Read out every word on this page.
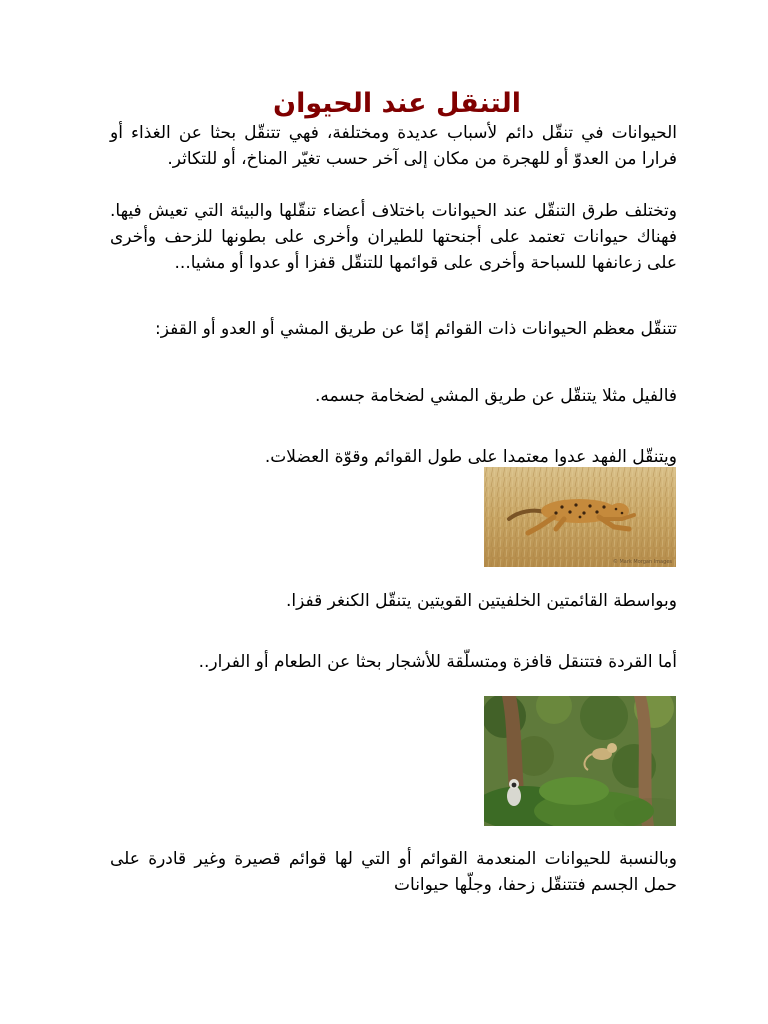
التنقل عند الحيوان

الحيوانات في تنقّل دائم لأسباب عديدة ومختلفة، فهي تتنقّل بحثا عن الغذاء أو فرارا من العدوّ أو للهجرة من مكان إلى آخر حسب تغيّر المناخ، أو للتكاثر.

وتختلف طرق التنقّل عند الحيوانات باختلاف أعضاء تنقّلها والبيئة التي تعيش فيها. فهناك حيوانات تعتمد على أجنحتها للطيران وأخرى على بطونها للزحف وأخرى على زعانفها للسباحة وأخرى على قوائمها للتنقّل قفزا أو عدوا أو مشيا...

تتنقّل معظم الحيوانات ذات القوائم إمّا عن طريق المشي أو العدو أو القفز:

فالفيل مثلا يتنقّل عن طريق المشي لضخامة جسمه.

ويتنقّل الفهد عدوا معتمدا على طول القوائم وقوّة العضلات.

© Mark Morgan Images

وبواسطة القائمتين الخلفيتين القويتين يتنقّل الكنغر قفزا.

أما القردة فتتنقل قافزة ومتسلّقة للأشجار بحثا عن الطعام أو الفرار..

وبالنسبة للحيوانات المنعدمة القوائم أو التي لها قوائم قصيرة وغير قادرة على حمل الجسم فتتنقّل زحفا، وجلّها حيوانات
